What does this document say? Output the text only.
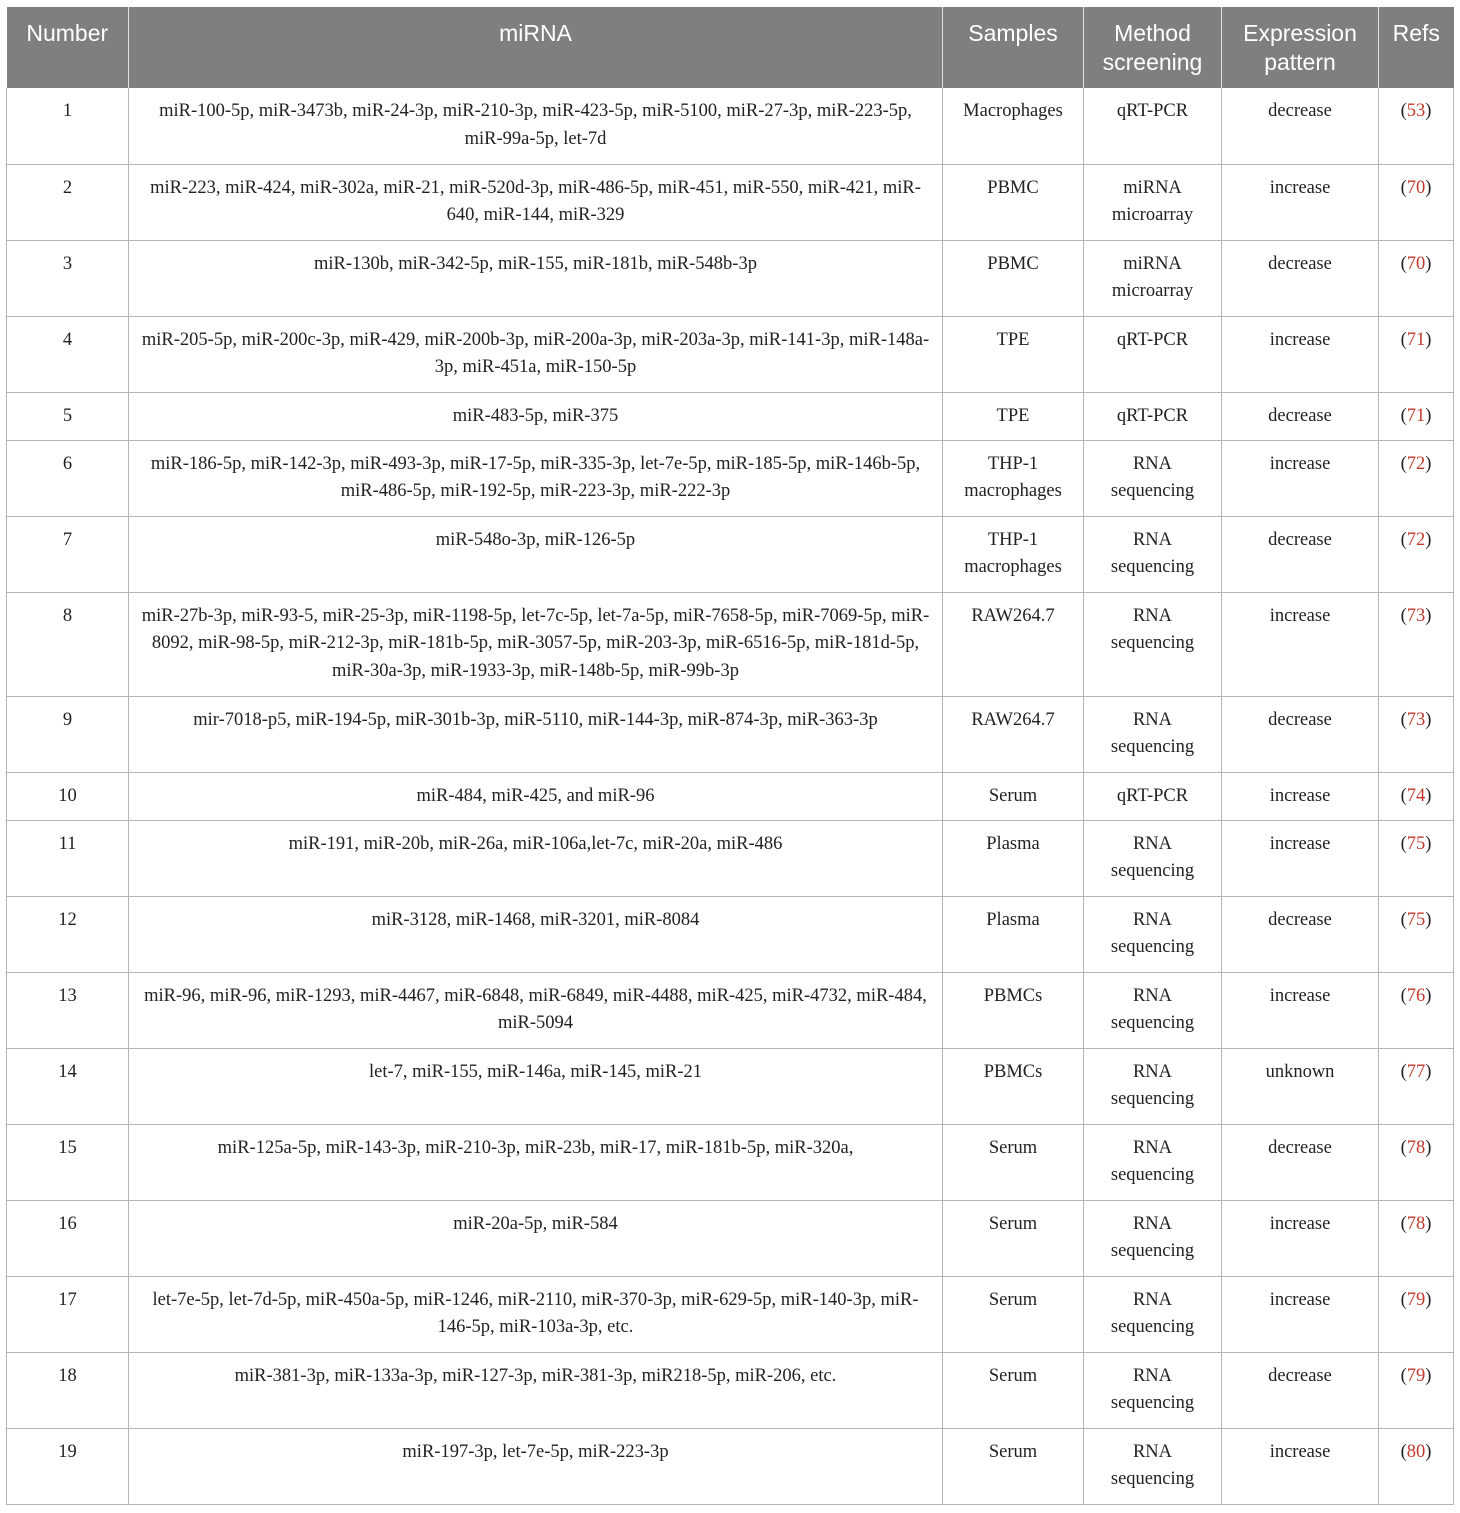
Number	miRNA	Samples	Method screening	Expression pattern	Refs
1	miR-100-5p, miR-3473b, miR-24-3p, miR-210-3p, miR-423-5p, miR-5100, miR-27-3p, miR-223-5p, miR-99a-5p, let-7d	Macrophages	qRT-PCR	decrease	(53)
2	miR-223, miR-424, miR-302a, miR-21, miR-520d-3p, miR-486-5p, miR-451, miR-550, miR-421, miR-640, miR-144, miR-329	PBMC	miRNA microarray	increase	(70)
3	miR-130b, miR-342-5p, miR-155, miR-181b, miR-548b-3p	PBMC	miRNA microarray	decrease	(70)
4	miR-205-5p, miR-200c-3p, miR-429, miR-200b-3p, miR-200a-3p, miR-203a-3p, miR-141-3p, miR-148a-3p, miR-451a, miR-150-5p	TPE	qRT-PCR	increase	(71)
5	miR-483-5p, miR-375	TPE	qRT-PCR	decrease	(71)
6	miR-186-5p, miR-142-3p, miR-493-3p, miR-17-5p, miR-335-3p, let-7e-5p, miR-185-5p, miR-146b-5p, miR-486-5p, miR-192-5p, miR-223-3p, miR-222-3p	THP-1 macrophages	RNA sequencing	increase	(72)
7	miR-548o-3p, miR-126-5p	THP-1 macrophages	RNA sequencing	decrease	(72)
8	miR-27b-3p, miR-93-5, miR-25-3p, miR-1198-5p, let-7c-5p, let-7a-5p, miR-7658-5p, miR-7069-5p, miR-8092, miR-98-5p, miR-212-3p, miR-181b-5p, miR-3057-5p, miR-203-3p, miR-6516-5p, miR-181d-5p, miR-30a-3p, miR-1933-3p, miR-148b-5p, miR-99b-3p	RAW264.7	RNA sequencing	increase	(73)
9	mir-7018-p5, miR-194-5p, miR-301b-3p, miR-5110, miR-144-3p, miR-874-3p, miR-363-3p	RAW264.7	RNA sequencing	decrease	(73)
10	miR-484, miR-425, and miR-96	Serum	qRT-PCR	increase	(74)
11	miR-191, miR-20b, miR-26a, miR-106a,let-7c, miR-20a, miR-486	Plasma	RNA sequencing	increase	(75)
12	miR-3128, miR-1468, miR-3201, miR-8084	Plasma	RNA sequencing	decrease	(75)
13	miR-96, miR-96, miR-1293, miR-4467, miR-6848, miR-6849, miR-4488, miR-425, miR-4732, miR-484, miR-5094	PBMCs	RNA sequencing	increase	(76)
14	let-7, miR-155, miR-146a, miR-145, miR-21	PBMCs	RNA sequencing	unknown	(77)
15	miR-125a-5p, miR-143-3p, miR-210-3p, miR-23b, miR-17, miR-181b-5p, miR-320a,	Serum	RNA sequencing	decrease	(78)
16	miR-20a-5p, miR-584	Serum	RNA sequencing	increase	(78)
17	let-7e-5p, let-7d-5p, miR-450a-5p, miR-1246, miR-2110, miR-370-3p, miR-629-5p, miR-140-3p, miR-146-5p, miR-103a-3p, etc.	Serum	RNA sequencing	increase	(79)
18	miR-381-3p, miR-133a-3p, miR-127-3p, miR-381-3p, miR218-5p, miR-206, etc.	Serum	RNA sequencing	decrease	(79)
19	miR-197-3p, let-7e-5p, miR-223-3p	Serum	RNA sequencing	increase	(80)
